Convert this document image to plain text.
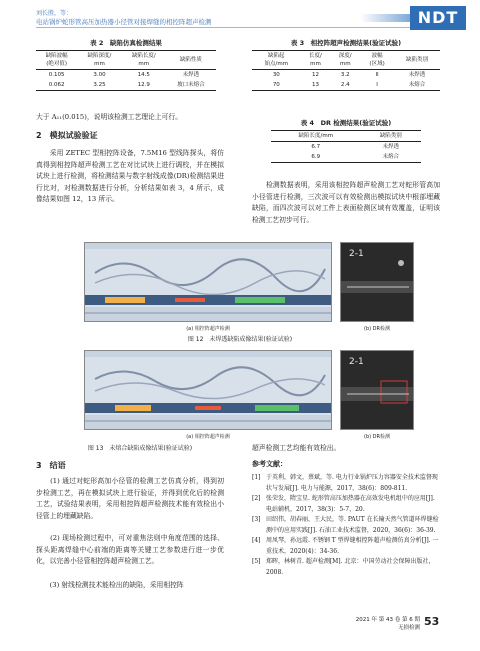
刘长胜，等：
电站锅炉蛇形管高压加热器小径管对接焊缝的相控阵超声检测	NDT
表 2　缺陷仿真检测结果
缺陷波幅
(绝对值)	缺陷深度/
mm	缺陷长度/
mm	缺陷性质

0.105	3.00	14.5	未焊透
0.062	3.25	12.9	坡口未熔合
表 3　相控阵超声检测结果(验证试验)
缺陷起
始点/mm	长度/
mm	深度/
mm	波幅
(区域)	缺陷类别

30	12	3.2	II	未焊透
70	13	2.4	I	未熔合
大于 A₁₁(0.015)，说明该检测工艺理论上可行。
2　模拟试验验证
　　采用 ZETEC 型相控阵设备，7.5M16 型线阵探头，将仿真得到相控阵超声检测工艺在对比试块上进行调校，并在模拟试块上进行检测，将检测结果与数字射线成像(DR)检测结果进行比对，对检测数据进行分析，分析结果如表 3，4 所示，成像结果如图 12，13 所示。
表 4　DR 检测结果(验证试验)
缺陷长度/mm	缺陷类别
6.7	未焊透
6.9	未熔合
　　检测数据表明，采用该相控阵超声检测工艺对蛇形管高加小径管进行检测，三次波可以有效检测出模拟试块中根部埋藏缺陷，而四次波可以对工件上表面检测区域有效覆盖，证明该检测工艺初步可行。
2-1
(a) 相控阵超声检测	(b) DR检测
图 12　未焊透缺陷成像结果(验证试验)
2-1
(a) 相控阵超声检测	(b) DR检测
图 13　未熔合缺陷成像结果(验证试验)
3　结语
　　(1) 通过对蛇形高加小径管的检测工艺仿真分析，得到初步检测工艺，再在模拟试块上进行验证，并得到优化后的检测工艺，试验结果表明，采用相控阵超声检测技术能有效检出小径管上的埋藏缺陷。
　　(2) 现场检测过程中，可对重焦法则中角度范围的选择、探头距离焊缝中心前端的距离等关键工艺参数进行进一步优化，以完善小径管相控阵超声检测工艺。
　　(3) 射线检测技术能检出的缺陷，采用相控阵
超声检测工艺均能有效检出。
参考文献：
[1] 于英利，韩文，蔡斌，等. 电力行业锅炉压力容器安全技术监督现状与发展[J]. 电力与能源，2017，38(6)：809-811.
[2] 张荣发，隋宝星. 蛇形管高压加热器在高效发电机组中的应用[J]. 电站辅机，2017，38(3)：5-7，20.
[3] 田绍伟，胡春丽，王大民，等. PAUT 在长输天然气管道环焊缝检测中的应用实践[J]. 石油工业技术监督，2020，36(6)：36-39.
[4] 周凤琴，孙远霞. 不锈钢 T 型焊缝相控阵超声检测仿真分析[J]. 一重技术，2020(4)：34-36.
[5] 郑晖，林树青. 超声检测[M]. 北京：中国劳动社会保障出版社，2008.
2021 年 第 43 卷 第 6 期
无损检测 53
